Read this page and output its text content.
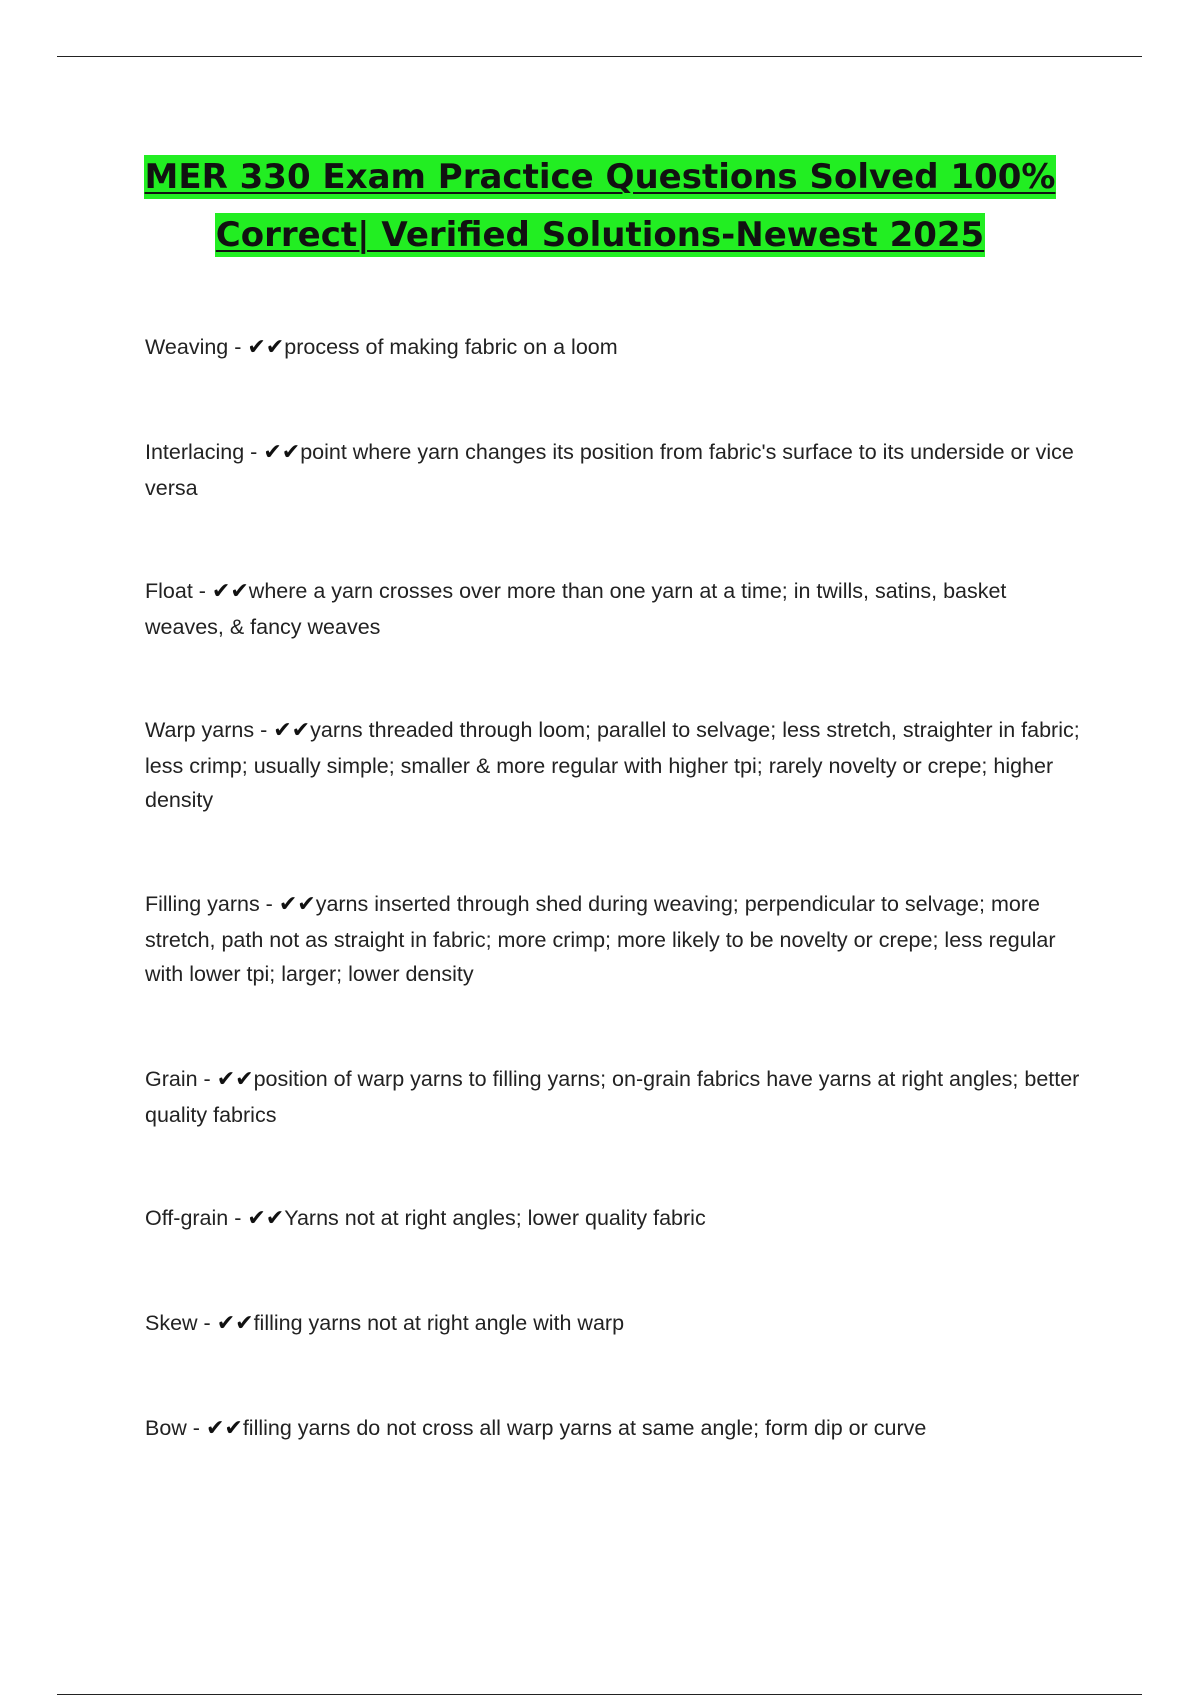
MER 330 Exam Practice Questions Solved 100%
Correct| Verified Solutions-Newest 2025
Weaving - ✔✔process of making fabric on a loom
Interlacing - ✔✔point where yarn changes its position from fabric's surface to its underside or vice versa
Float - ✔✔where a yarn crosses over more than one yarn at a time; in twills, satins, basket weaves, & fancy weaves
Warp yarns - ✔✔yarns threaded through loom; parallel to selvage; less stretch, straighter in fabric; less crimp; usually simple; smaller & more regular with higher tpi; rarely novelty or crepe; higher density
Filling yarns - ✔✔yarns inserted through shed during weaving; perpendicular to selvage; more stretch, path not as straight in fabric; more crimp; more likely to be novelty or crepe; less regular with lower tpi; larger; lower density
Grain - ✔✔position of warp yarns to filling yarns; on-grain fabrics have yarns at right angles; better quality fabrics
Off-grain - ✔✔Yarns not at right angles; lower quality fabric
Skew - ✔✔filling yarns not at right angle with warp
Bow - ✔✔filling yarns do not cross all warp yarns at same angle; form dip or curve
